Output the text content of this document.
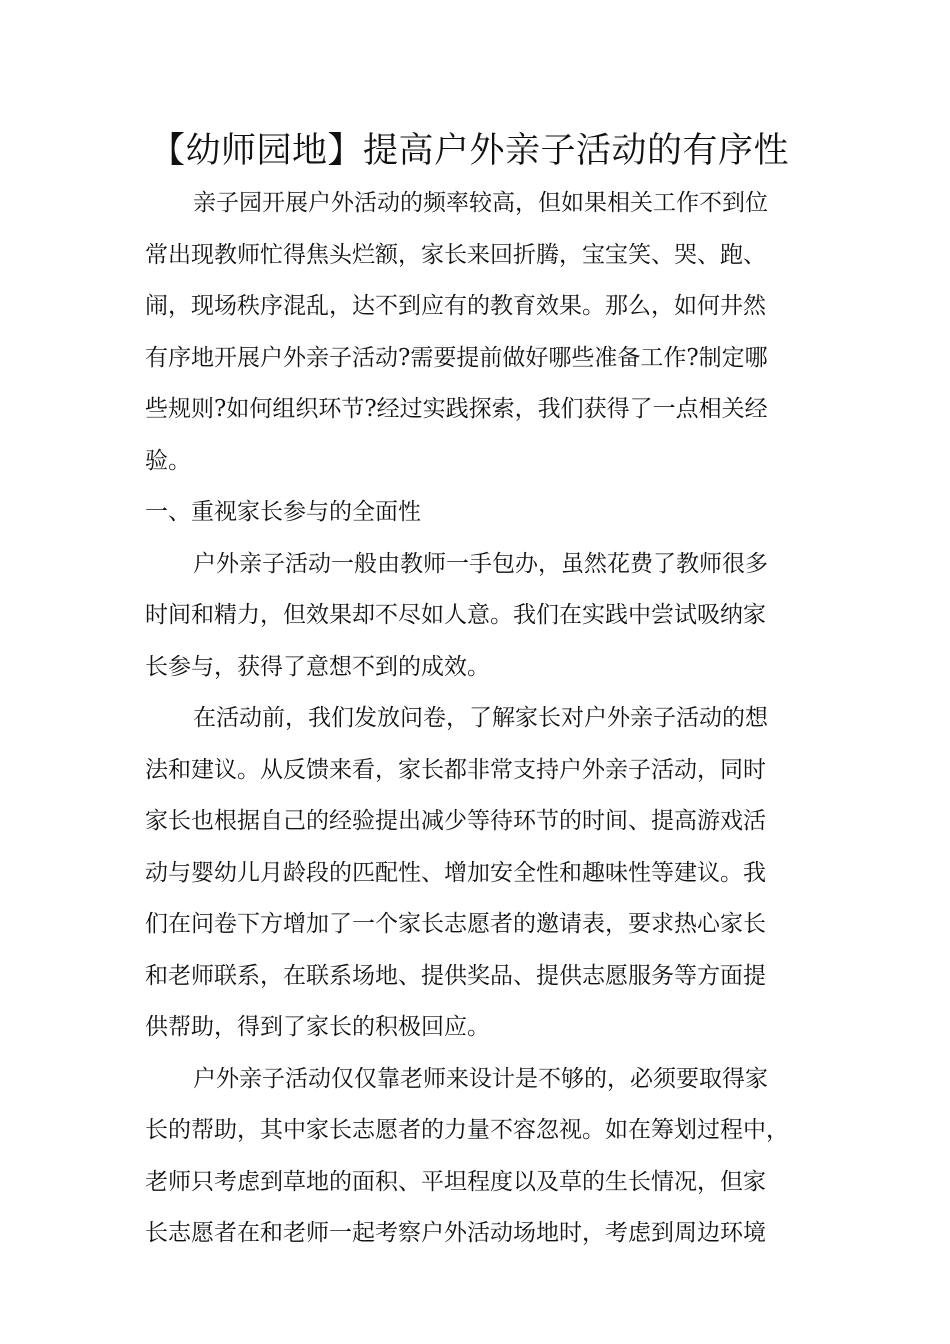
【幼师园地】提高户外亲子活动的有序性
亲子园开展户外活动的频率较高，但如果相关工作不到位
常出现教师忙得焦头烂额，家长来回折腾，宝宝笑、哭、跑、
闹，现场秩序混乱，达不到应有的教育效果。那么，如何井然
有序地开展户外亲子活动?需要提前做好哪些准备工作?制定哪
些规则?如何组织环节?经过实践探索，我们获得了一点相关经
验。
一、重视家长参与的全面性
户外亲子活动一般由教师一手包办，虽然花费了教师很多
时间和精力，但效果却不尽如人意。我们在实践中尝试吸纳家
长参与，获得了意想不到的成效。
在活动前，我们发放问卷，了解家长对户外亲子活动的想
法和建议。从反馈来看，家长都非常支持户外亲子活动，同时
家长也根据自己的经验提出减少等待环节的时间、提高游戏活
动与婴幼儿月龄段的匹配性、增加安全性和趣味性等建议。我
们在问卷下方增加了一个家长志愿者的邀请表，要求热心家长
和老师联系，在联系场地、提供奖品、提供志愿服务等方面提
供帮助，得到了家长的积极回应。
户外亲子活动仅仅靠老师来设计是不够的，必须要取得家
长的帮助，其中家长志愿者的力量不容忽视。如在筹划过程中，
老师只考虑到草地的面积、平坦程度以及草的生长情况，但家
长志愿者在和老师一起考察户外活动场地时，考虑到周边环境
